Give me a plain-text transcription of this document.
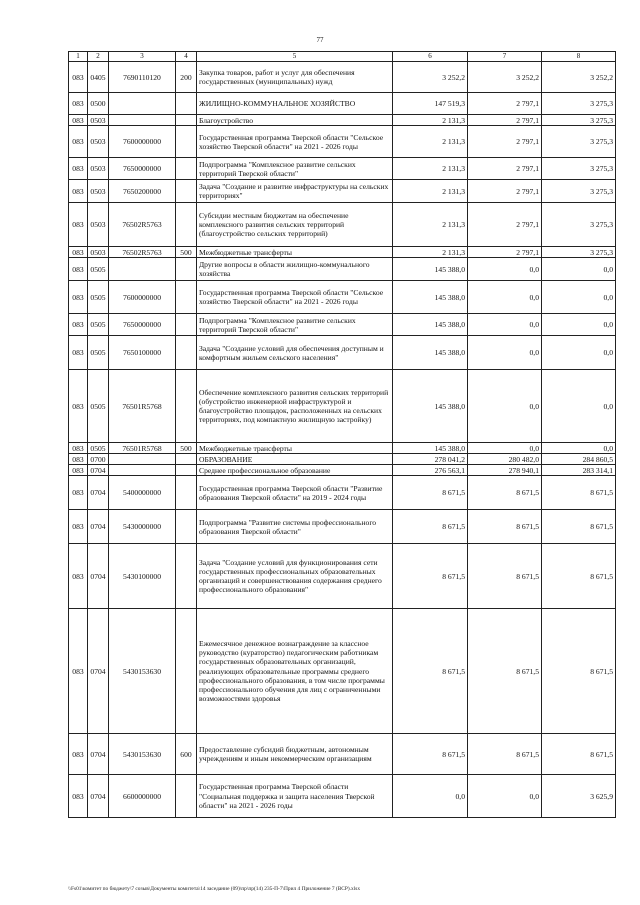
77
1	2	3	4	5	6	7	8
083	0405	7690110120	200	Закупка товаров, работ и услуг для обеспечения государственных (муниципальных) нужд	3 252,2	3 252,2	3 252,2
083	0500			ЖИЛИЩНО-КОММУНАЛЬНОЕ ХОЗЯЙСТВО	147 519,3	2 797,1	3 275,3
083	0503			Благоустройство	2 131,3	2 797,1	3 275,3
083	0503	7600000000		Государственная программа Тверской области "Сельское хозяйство Тверской области" на 2021 - 2026 годы	2 131,3	2 797,1	3 275,3
083	0503	7650000000		Подпрограмма "Комплексное развитие сельских территорий Тверской области"	2 131,3	2 797,1	3 275,3
083	0503	7650200000		Задача "Создание и развитие инфраструктуры на сельских территориях"	2 131,3	2 797,1	3 275,3
083	0503	76502R5763		Субсидии местным бюджетам на обеспечение комплексного развития сельских территорий (благоустройство сельских территорий)	2 131,3	2 797,1	3 275,3
083	0503	76502R5763	500	Межбюджетные трансферты	2 131,3	2 797,1	3 275,3
083	0505			Другие вопросы в области жилищно-коммунального хозяйства	145 388,0	0,0	0,0
083	0505	7600000000		Государственная программа Тверской области "Сельское хозяйство Тверской области" на 2021 - 2026 годы	145 388,0	0,0	0,0
083	0505	7650000000		Подпрограмма "Комплексное развитие сельских территорий Тверской области"	145 388,0	0,0	0,0
083	0505	7650100000		Задача "Создание условий для обеспечения доступным и комфортным жильем сельского населения"	145 388,0	0,0	0,0
083	0505	76501R5768		Обеспечение комплексного развития сельских территорий (обустройство инженерной инфраструктурой и благоустройство площадок, расположенных на сельских территориях, под компактную жилищную застройку)	145 388,0	0,0	0,0
083	0505	76501R5768	500	Межбюджетные трансферты	145 388,0	0,0	0,0
083	0700			ОБРАЗОВАНИЕ	278 041,2	280 482,0	284 860,5
083	0704			Среднее профессиональное образование	276 563,1	278 940,1	283 314,1
083	0704	5400000000		Государственная программа Тверской области "Развитие образования Тверской области" на 2019 - 2024 годы	8 671,5	8 671,5	8 671,5
083	0704	5430000000		Подпрограмма "Развитие системы профессионального образования Тверской области"	8 671,5	8 671,5	8 671,5
083	0704	5430100000		Задача "Создание условий для функционирования сети государственных профессиональных образовательных организаций и совершенствования содержания среднего профессионального образования"	8 671,5	8 671,5	8 671,5
083	0704	5430153630		Ежемесячное денежное вознаграждение за классное руководство (кураторство) педагогическим работникам государственных образовательных организаций, реализующих образовательные программы среднего профессионального образования, в том числе программы профессионального обучения для лиц с ограниченными возможностями здоровья	8 671,5	8 671,5	8 671,5
083	0704	5430153630	600	Предоставление субсидий бюджетным, автономным учреждениям и иным некоммерческим организациям	8 671,5	8 671,5	8 671,5
083	0704	6600000000		Государственная программа Тверской области "Социальная поддержка и защита населения Тверской области" на 2021 - 2026 годы	0,0	0,0	3 625,9
\\Fs01\комитет по бюджету\7 созыв\Документы комитета\14 заседание (09)\пр\пр(14) 235-П-7\Прил 4 Приложение 7 (ВСР).xlsx
